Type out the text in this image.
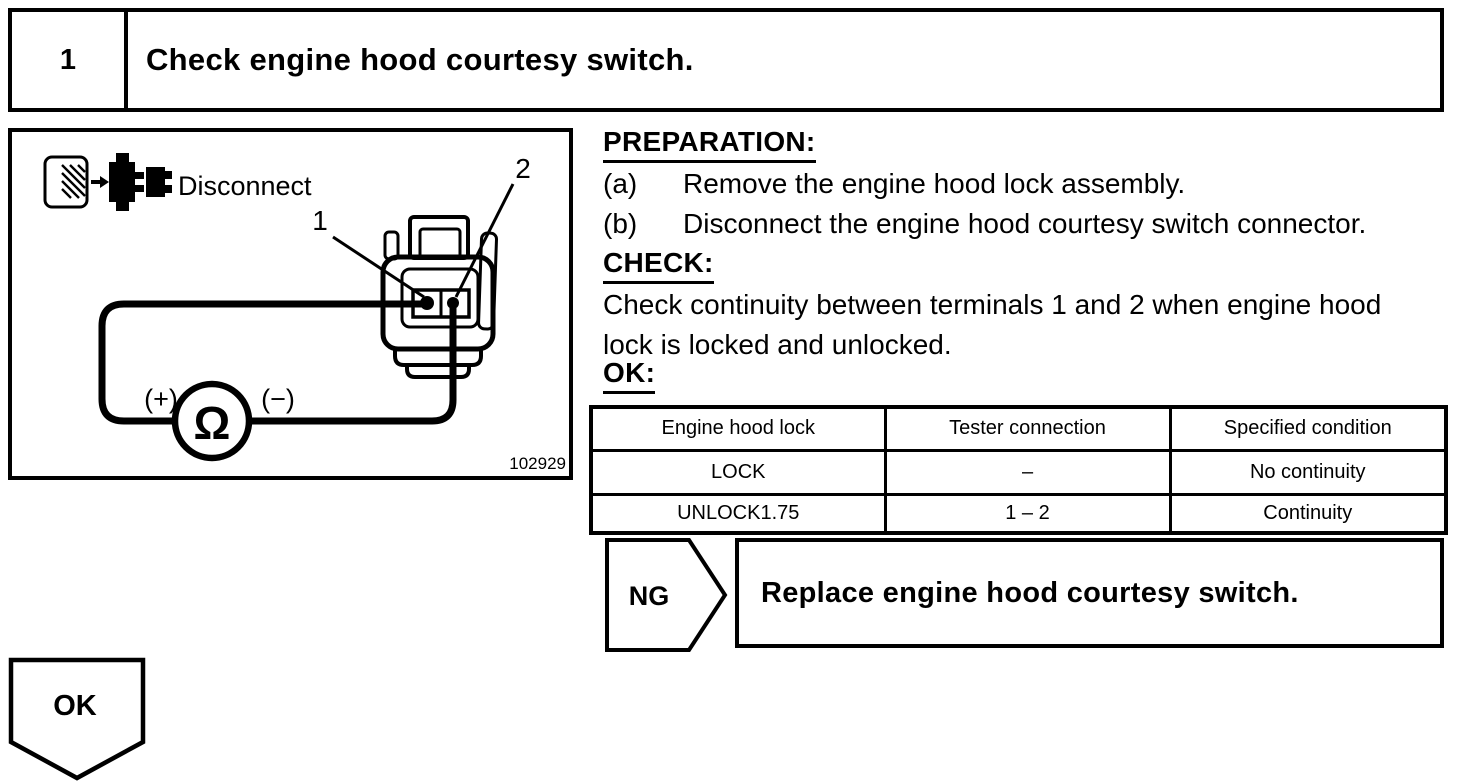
1	Check engine hood courtesy switch.
Disconnect
1
2
Ω
(+)	(−)
102929
PREPARATION:
(a)	Remove the engine hood lock assembly.
(b)	Disconnect the engine hood courtesy switch connector.
CHECK:
Check continuity between terminals 1 and 2 when engine hood
lock is locked and unlocked.
OK:
Engine hood lock	Tester connection	Specified condition
LOCK	–	No continuity
UNLOCK1.75	1 – 2	Continuity
NG	Replace engine hood courtesy switch.
OK
